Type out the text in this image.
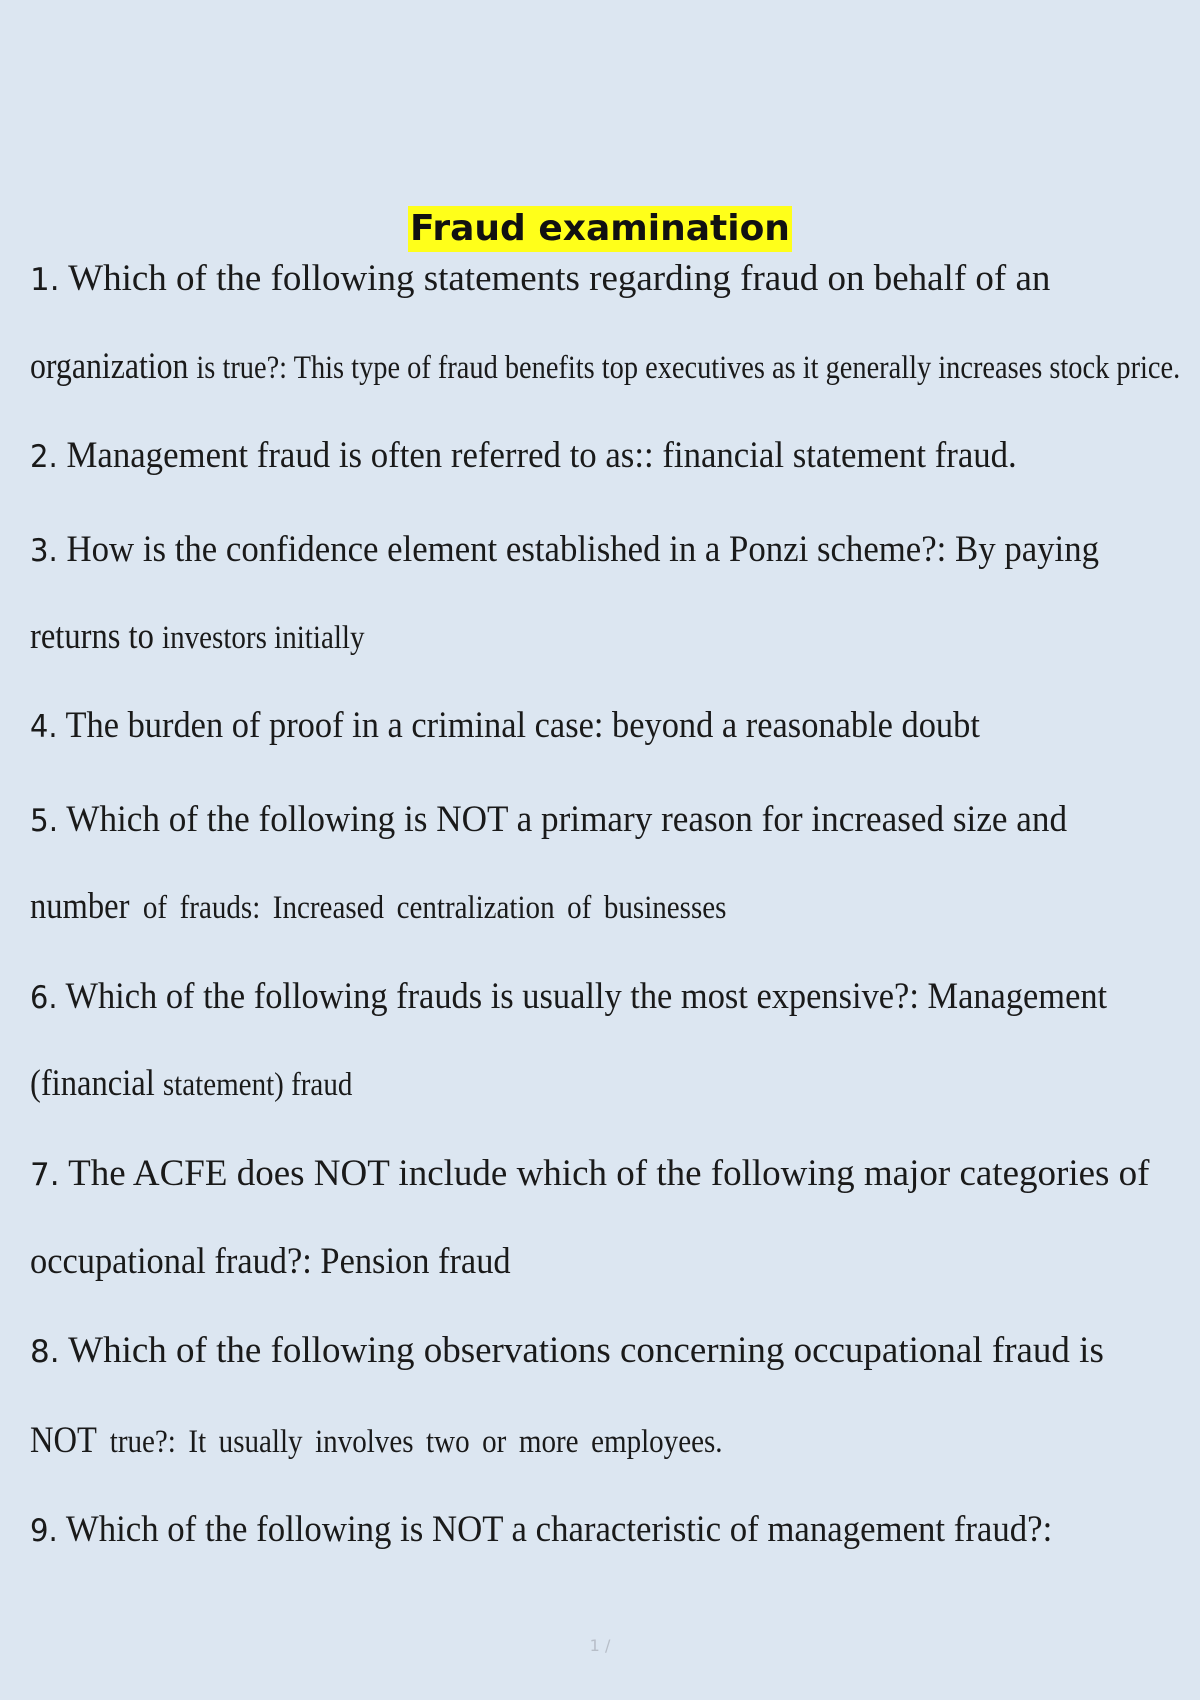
Fraud examination
1. Which of the following statements regarding fraud on behalf of an
organization is true?: This type of fraud benefits top executives as it generally increases stock price.
2. Management fraud is often referred to as:: financial statement fraud.
3. How is the confidence element established in a Ponzi scheme?: By paying
returns to investors initially
4. The burden of proof in a criminal case: beyond a reasonable doubt
5. Which of the following is NOT a primary reason for increased size and
number of frauds: Increased centralization of businesses
6. Which of the following frauds is usually the most expensive?: Management
(financial statement) fraud
7. The ACFE does NOT include which of the following major categories of
occupational fraud?: Pension fraud
8. Which of the following observations concerning occupational fraud is
NOT true?: It usually involves two or more employees.
9. Which of the following is NOT a characteristic of management fraud?:
1 /
